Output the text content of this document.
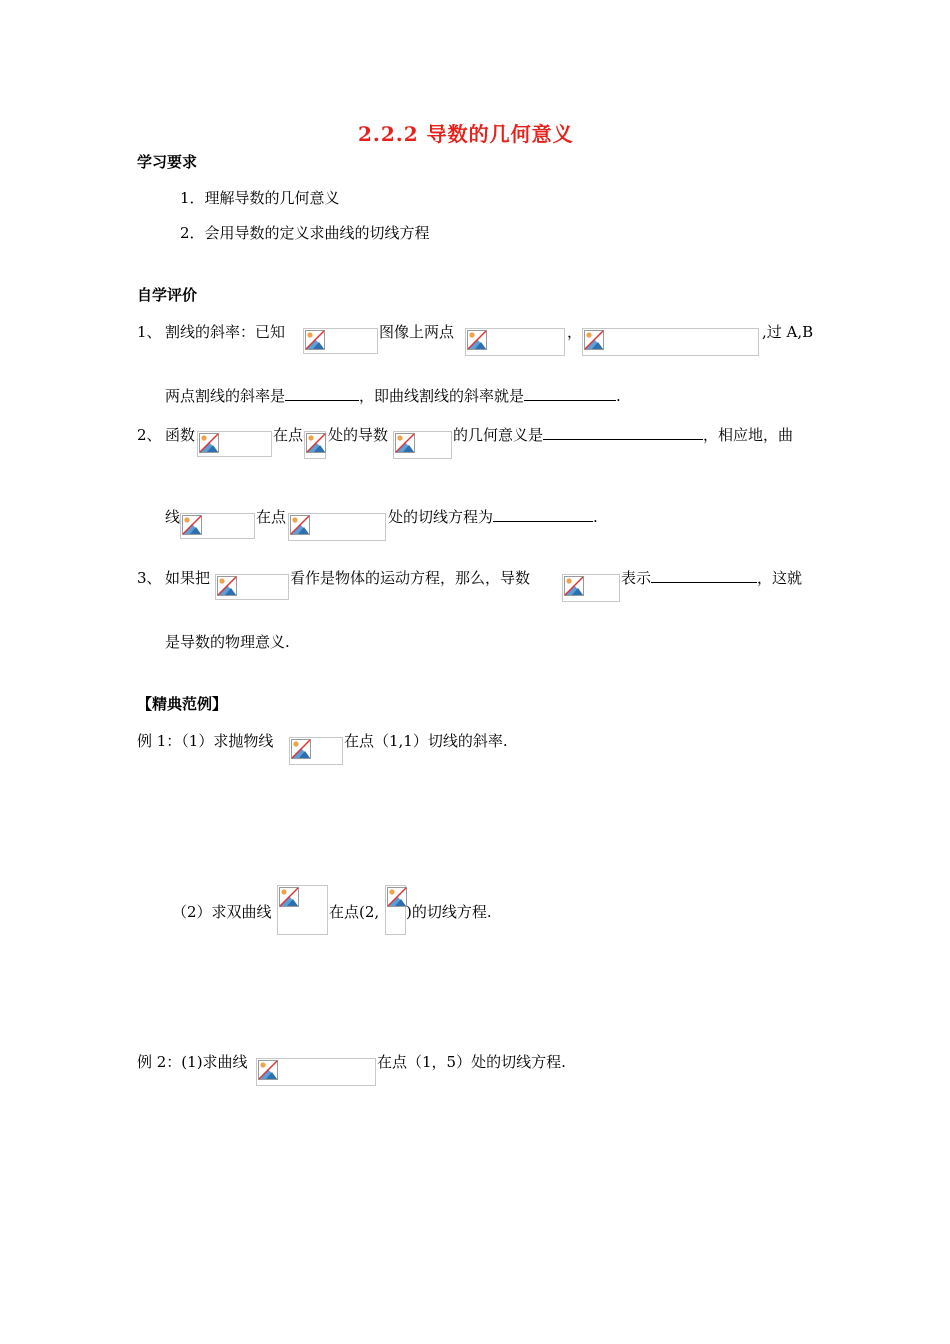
2.2.2 导数的几何意义
学习要求
1．理解导数的几何意义
2．会用导数的定义求曲线的切线方程
自学评价
1、 割线的斜率：已知	图像上两点	，	,过 A,B
两点割线的斜率是	，即曲线割线的斜率就是	.
2、 函数	在点 处的导数	的几何意义是	，相应地，曲
线	在点	处的切线方程为	.
3、 如果把	看作是物体的运动方程，那么，导数	表示	，这就
是导数的物理意义.
【精典范例】
例 1：（1）求抛物线	在点（1,1）切线的斜率.
（2）求双曲线	在点(2, )的切线方程.
例 2：(1)求曲线	在点（1，5）处的切线方程.
